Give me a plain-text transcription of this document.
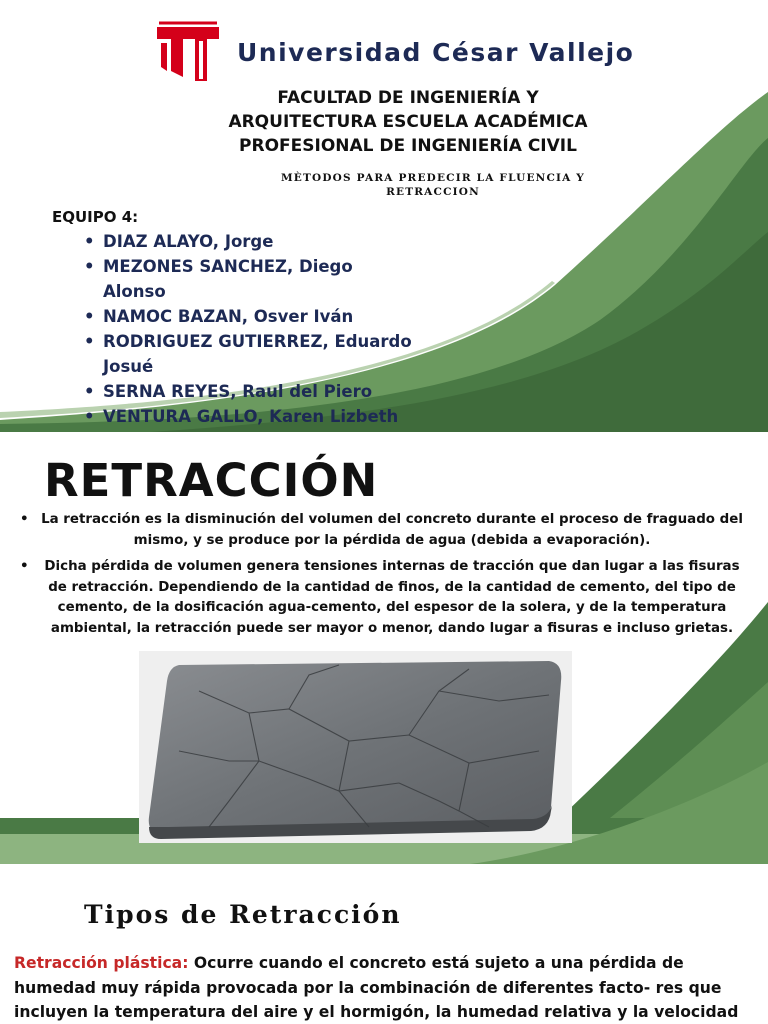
Universidad César Vallejo
FACULTAD DE INGENIERÍA Y
ARQUITECTURA ESCUELA ACADÉMICA
PROFESIONAL DE INGENIERÍA CIVIL
MÈTODOS PARA PREDECIR LA FLUENCIA Y
RETRACCION
EQUIPO 4:
• DIAZ ALAYO, Jorge
• MEZONES SANCHEZ, Diego Alonso
• NAMOC BAZAN, Osver Iván
• RODRIGUEZ GUTIERREZ, Eduardo Josué
• SERNA REYES, Raul del Piero
• VENTURA GALLO, Karen Lizbeth
RETRACCIÓN
• La retracción es la disminución del volumen del concreto durante el proceso de fraguado del mismo, y se produce por la pérdida de agua (debida a evaporación).
• Dicha pérdida de volumen genera tensiones internas de tracción que dan lugar a las fisuras de retracción. Dependiendo de la cantidad de finos, de la cantidad de cemento, del tipo de cemento, de la dosificación agua-cemento, del espesor de la solera, y de la temperatura ambiental, la retracción puede ser mayor o menor, dando lugar a fisuras e incluso grietas.
Tipos de Retracción
Retracción plástica: Ocurre cuando el concreto está sujeto a una pérdida de humedad muy rápida provocada por la combinación de diferentes facto- res que incluyen la temperatura del aire y el hormigón, la humedad relativa y la velocidad
